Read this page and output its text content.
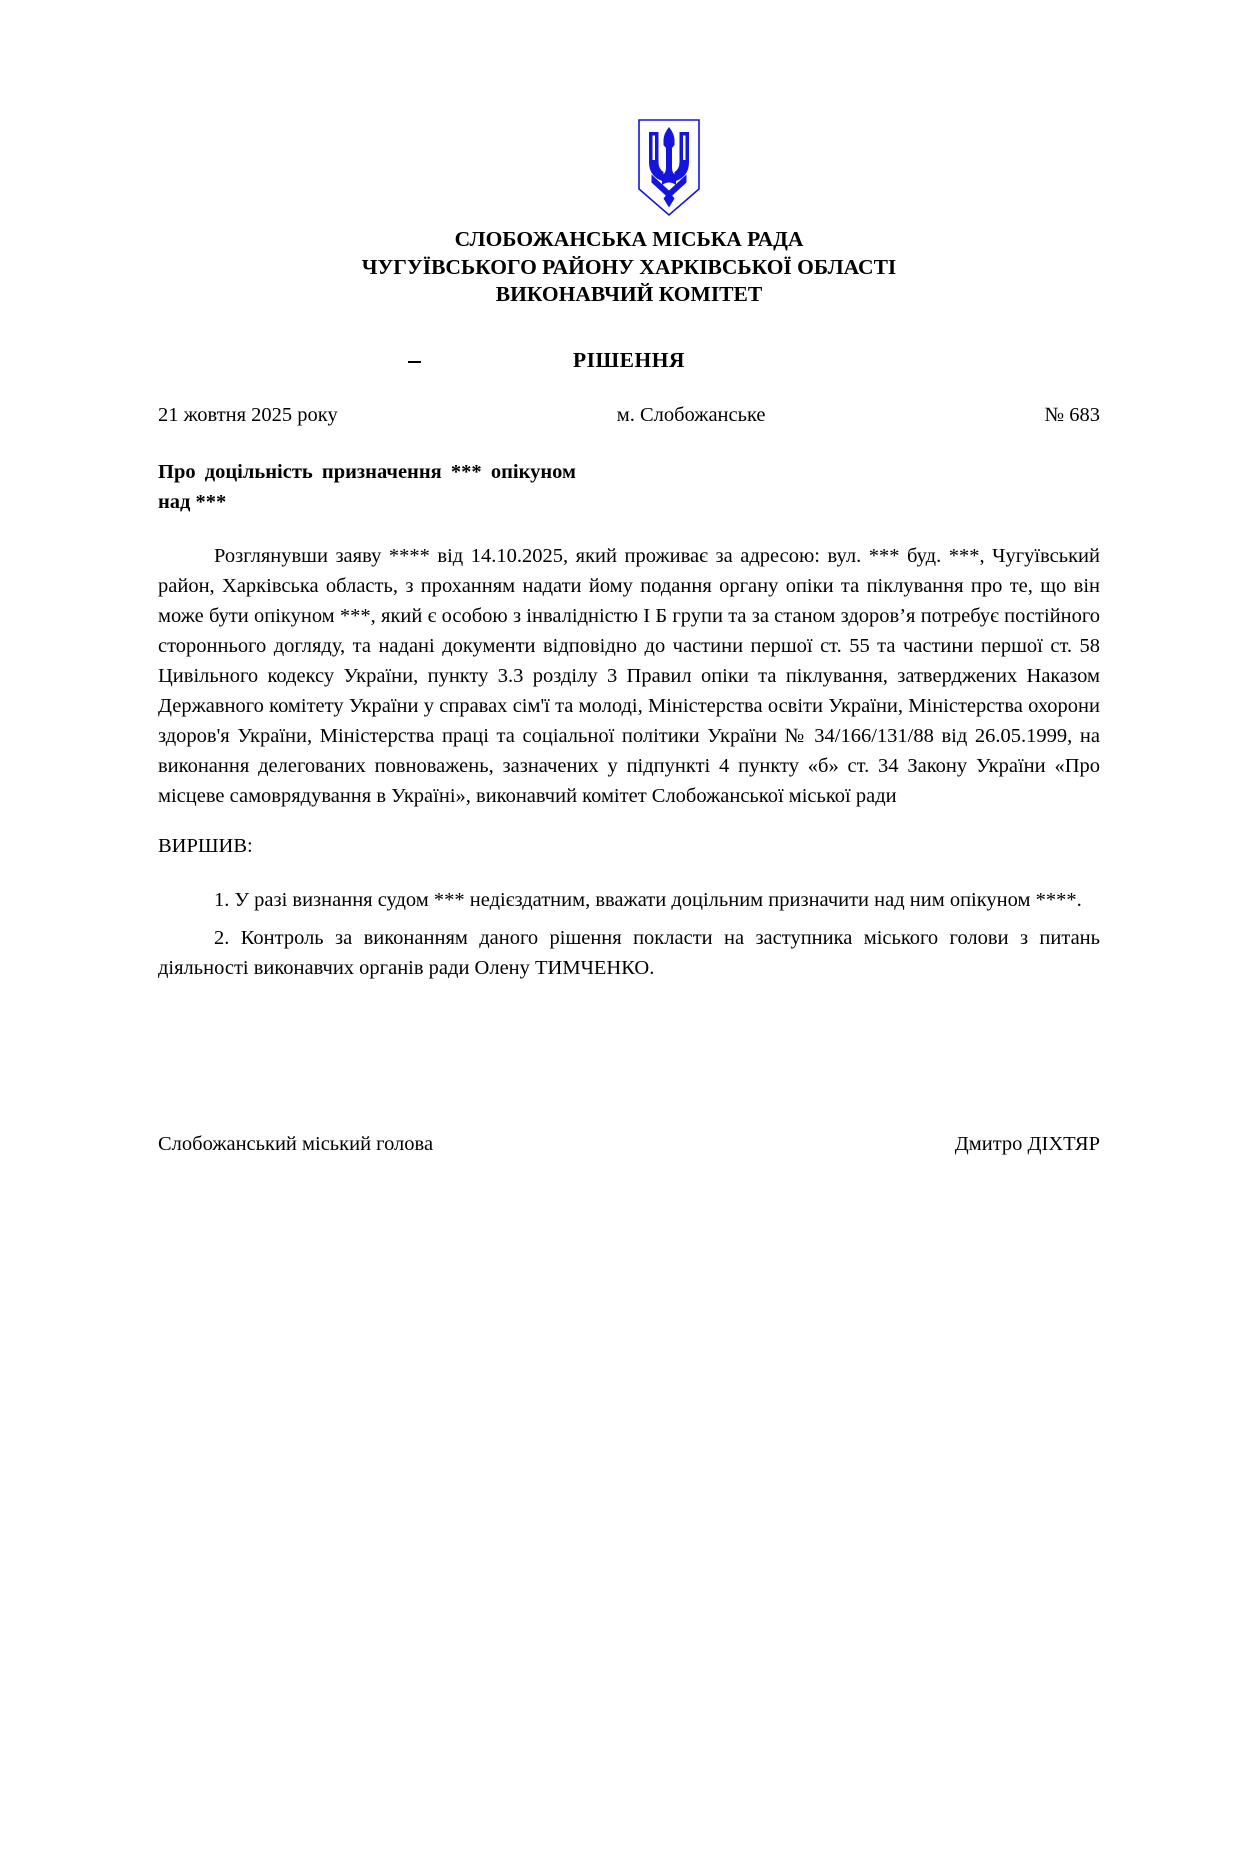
СЛОБОЖАНСЬКА МІСЬКА РАДА
ЧУГУЇВСЬКОГО РАЙОНУ ХАРКІВСЬКОЇ ОБЛАСТІ
ВИКОНАВЧИЙ КОМІТЕТ
РІШЕННЯ
21 жовтня 2025 року	м. Слобожанське	№ 683
Про доцільність призначення *** опікуном над ***

Розглянувши заяву **** від 14.10.2025, який проживає за адресою: вул. *** буд. ***, Чугуївський район, Харківська область, з проханням надати йому подання органу опіки та піклування про те, що він може бути опікуном ***, який є особою з інвалідністю І Б групи та за станом здоров’я потребує постійного стороннього догляду, та надані документи відповідно до частини першої ст. 55 та частини першої ст. 58 Цивільного кодексу України, пункту 3.3 розділу 3 Правил опіки та піклування, затверджених Наказом Державного комітету України у справах сім'ї та молоді, Міністерства освіти України, Міністерства охорони здоров'я України, Міністерства праці та соціальної політики України № 34/166/131/88 від 26.05.1999, на виконання делегованих повноважень, зазначених у підпункті 4 пункту «б» ст. 34 Закону України «Про місцеве самоврядування в Україні», виконавчий комітет Слобожанської міської ради

ВИРШИВ:

1. У разі визнання судом *** недієздатним, вважати доцільним призначити над ним опікуном ****.

2. Контроль за виконанням даного рішення покласти на заступника міського голови з питань діяльності виконавчих органів ради Олену ТИМЧЕНКО.

Слобожанський міський голова	Дмитро ДІХТЯР
